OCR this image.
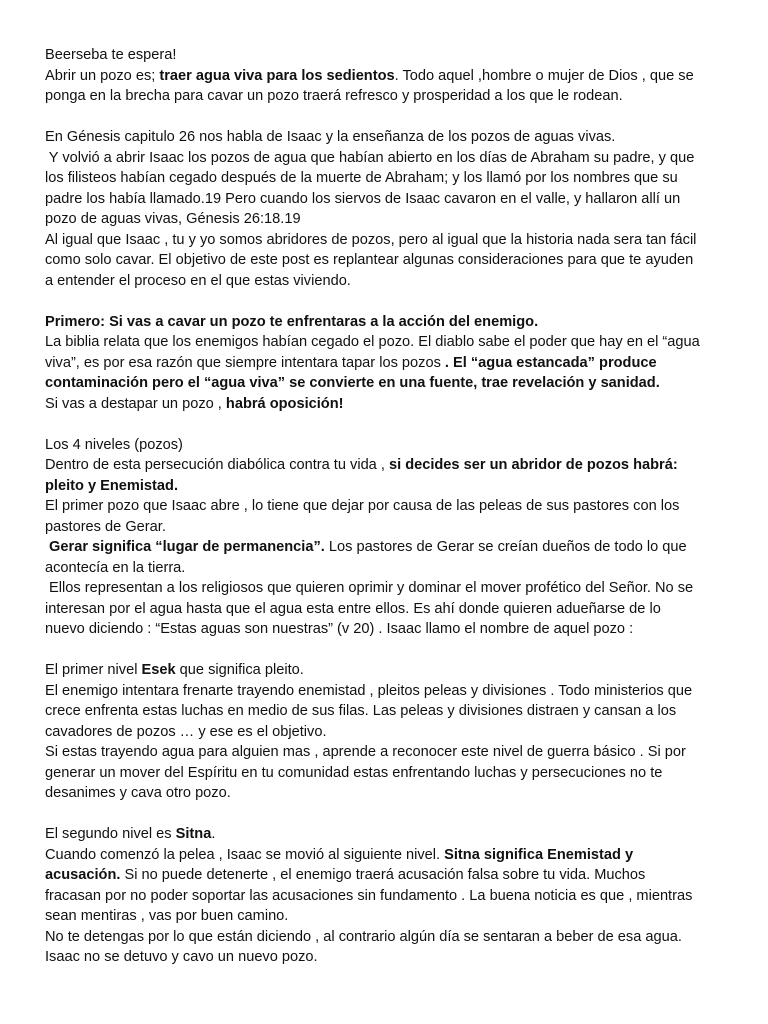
Beerseba te espera!
Abrir un pozo es; traer agua viva para los sedientos. Todo aquel ,hombre o mujer de Dios , que se
ponga en la brecha para cavar un pozo traerá refresco y prosperidad a los que le rodean.
En Génesis capitulo 26 nos habla de Isaac y la enseñanza de los pozos de aguas vivas.
Y volvió a abrir Isaac los pozos de agua que habían abierto en los días de Abraham su padre, y que
los filisteos habían cegado después de la muerte de Abraham; y los llamó por los nombres que su
padre los había llamado.19 Pero cuando los siervos de Isaac cavaron en el valle, y hallaron allí un
pozo de aguas vivas, Génesis 26:18.19
Al igual que Isaac , tu y yo somos abridores de pozos, pero al igual que la historia nada sera tan fácil
como solo cavar. El objetivo de este post es replantear algunas consideraciones para que te ayuden
a entender el proceso en el que estas viviendo.
Primero: Si vas a cavar un pozo te enfrentaras a la acción del enemigo.
La biblia relata que los enemigos habían cegado el pozo. El diablo sabe el poder que hay en el “agua
viva”, es por esa razón que siempre intentara tapar los pozos . El “agua estancada” produce
contaminación pero el “agua viva” se convierte en una fuente, trae revelación y sanidad.
Si vas a destapar un pozo , habrá oposición!
Los 4 niveles (pozos)
Dentro de esta persecución diabólica contra tu vida , si decides ser un abridor de pozos habrá:
pleito y Enemistad.
El primer pozo que Isaac abre , lo tiene que dejar por causa de las peleas de sus pastores con los
pastores de Gerar.
Gerar significa “lugar de permanencia”. Los pastores de Gerar se creían dueños de todo lo que
acontecía en la tierra.
Ellos representan a los religiosos que quieren oprimir y dominar el mover profético del Señor. No se
interesan por el agua hasta que el agua esta entre ellos. Es ahí donde quieren adueñarse de lo
nuevo diciendo : “Estas aguas son nuestras” (v 20) . Isaac llamo el nombre de aquel pozo :
El primer nivel Esek que significa pleito.
El enemigo intentara frenarte trayendo enemistad , pleitos peleas y divisiones . Todo ministerios que
crece enfrenta estas luchas en medio de sus filas. Las peleas y divisiones distraen y cansan a los
cavadores de pozos … y ese es el objetivo.
Si estas trayendo agua para alguien mas , aprende a reconocer este nivel de guerra básico . Si por
generar un mover del Espíritu en tu comunidad estas enfrentando luchas y persecuciones no te
desanimes y cava otro pozo.
El segundo nivel es Sitna.
Cuando comenzó la pelea , Isaac se movió al siguiente nivel. Sitna significa Enemistad y
acusación. Si no puede detenerte , el enemigo traerá acusación falsa sobre tu vida. Muchos
fracasan por no poder soportar las acusaciones sin fundamento . La buena noticia es que , mientras
sean mentiras , vas por buen camino.
No te detengas por lo que están diciendo , al contrario algún día se sentaran a beber de esa agua.
Isaac no se detuvo y cavo un nuevo pozo.
